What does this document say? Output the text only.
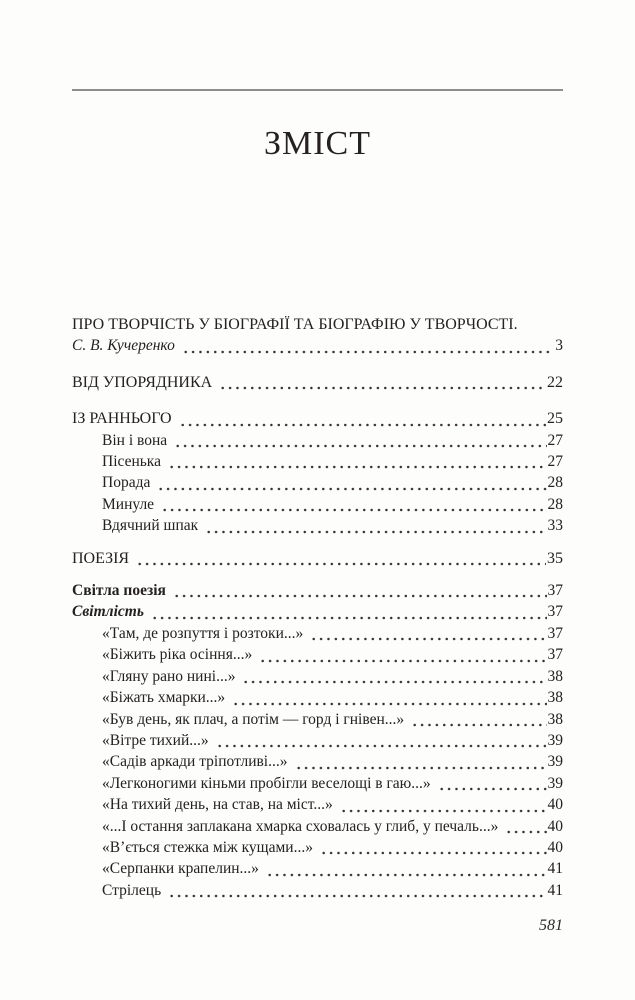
ЗМІСТ
ПРО ТВОРЧІСТЬ У БІОГРАФІЇ ТА БІОГРАФІЮ У ТВОРЧОСТІ.
С. В. Кучеренко	3
ВІД УПОРЯДНИКА	22
ІЗ РАННЬОГО	25
Він і вона	27
Пісенька	27
Порада	28
Минуле	28
Вдячний шпак	33
ПОЕЗІЯ	35
Світла поезія	37
Світлість	37
«Там, де розпуття і розтоки...»	37
«Біжить ріка осіння...»	37
«Гляну рано нині...»	38
«Біжать хмарки...»	38
«Був день, як плач, а потім — горд і гнівен...»	38
«Вітре тихий...»	39
«Садів аркади тріпотливі...»	39
«Легконогими кіньми пробігли веселощі в гаю...»	39
«На тихий день, на став, на міст...»	40
«...І остання заплакана хмарка сховалась у глиб, у печаль...»	40
«В’ється стежка між кущами...»	40
«Серпанки крапелин...»	41
Стрілець	41
581
